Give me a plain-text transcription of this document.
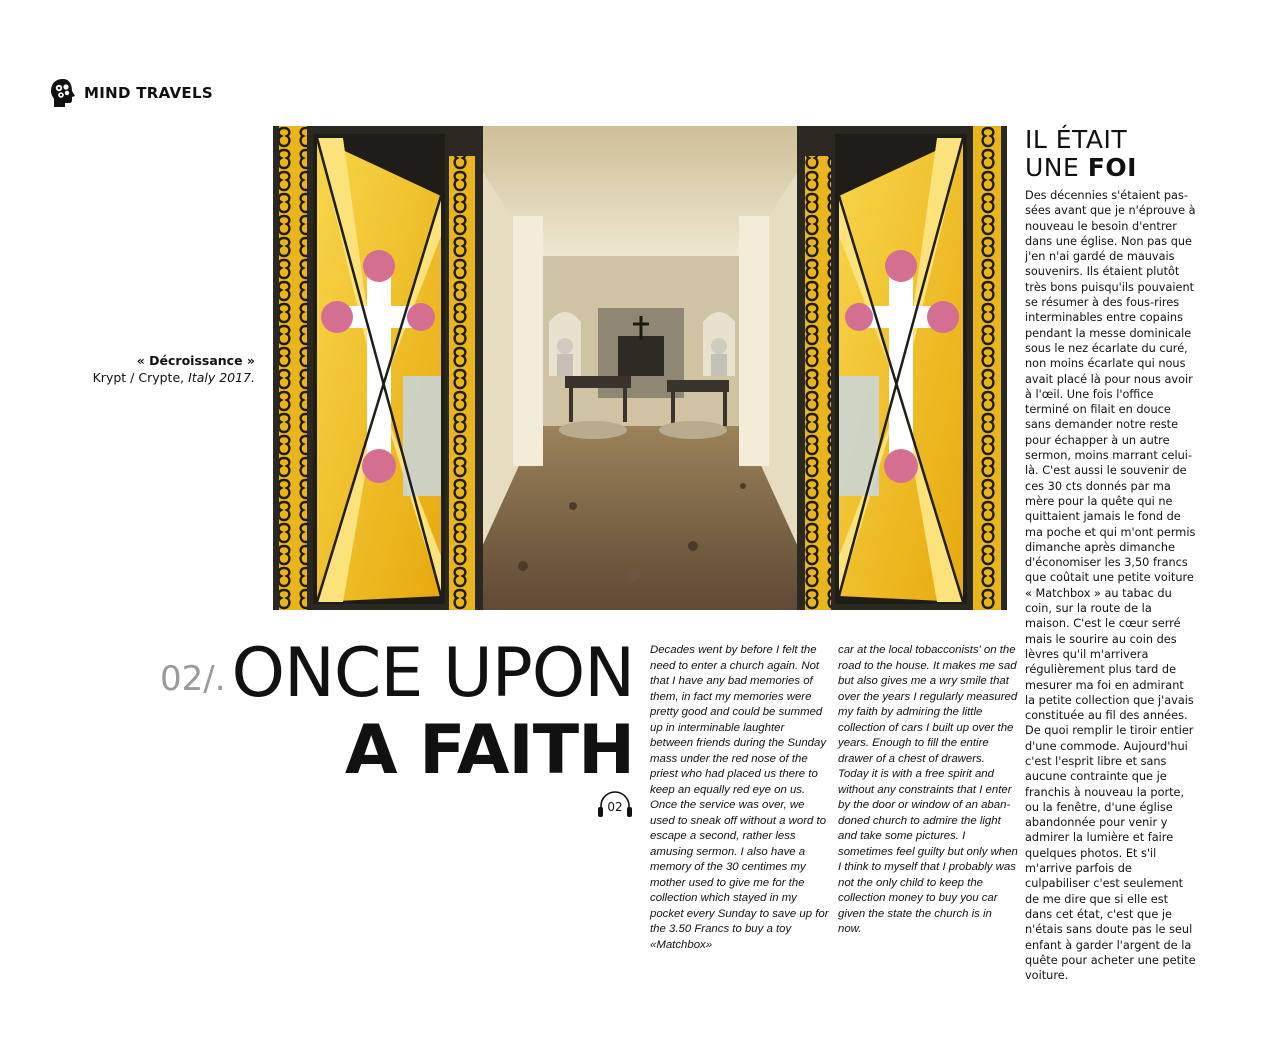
MIND TRAVELS
« Décroissance »
Krypt / Crypte, Italy 2017.
02/.ONCE UPON
A FAITH
02

Decades went by before I felt the need to enter a church again. Not that I have any bad memories of them, in fact my memories were pretty good and could be summed up in interminable laughter between friends during the Sunday mass under the red nose of the priest who had placed us there to keep an equally red eye on us. Once the service was over, we used to sneak off without a word to escape a second, rather less amusing sermon. I also have a memory of the 30 centimes my mother used to give me for the collection which stayed in my pocket every Sunday to save up for the 3.50 Francs to buy a toy «Matchbox»

car at the local tobacconists' on the road to the house. It makes me sad but also gives me a wry smile that over the years I regularly measured my faith by admiring the little collection of cars I built up over the years. Enough to fill the entire drawer of a chest of drawers. Today it is with a free spirit and without any constraints that I enter by the door or window of an aban-doned church to admire the light and take some pictures. I sometimes feel guilty but only when I think to myself that I probably was not the only child to keep the collection money to buy you car given the state the church is in now.

IL ÉTAIT
UNE FOI

Des décennies s'étaient pas-sées avant que je n'éprouve à nouveau le besoin d'entrer dans une église. Non pas que j'en n'ai gardé de mauvais souvenirs. Ils étaient plutôt très bons puisqu'ils pouvaient se résumer à des fous-rires interminables entre copains pendant la messe dominicale sous le nez écarlate du curé, non moins écarlate qui nous avait placé là pour nous avoir à l'œil. Une fois l'office terminé on filait en douce sans demander notre reste pour échapper à un autre sermon, moins marrant celui-là. C'est aussi le souvenir de ces 30 cts donnés par ma mère pour la quête qui ne quittaient jamais le fond de ma poche et qui m'ont permis dimanche après dimanche d'économiser les 3,50 francs que coûtait une petite voiture « Matchbox » au tabac du coin, sur la route de la maison. C'est le cœur serré mais le sourire au coin des lèvres qu'il m'arrivera régulièrement plus tard de mesurer ma foi en admirant la petite collection que j'avais constituée au fil des années. De quoi remplir le tiroir entier d'une commode. Aujourd'hui c'est l'esprit libre et sans aucune contrainte que je franchis à nouveau la porte, ou la fenêtre, d'une église abandonnée pour venir y admirer la lumière et faire quelques photos. Et s'il m'arrive parfois de culpabiliser c'est seulement de me dire que si elle est dans cet état, c'est que je n'étais sans doute pas le seul enfant à garder l'argent de la quête pour acheter une petite voiture.
